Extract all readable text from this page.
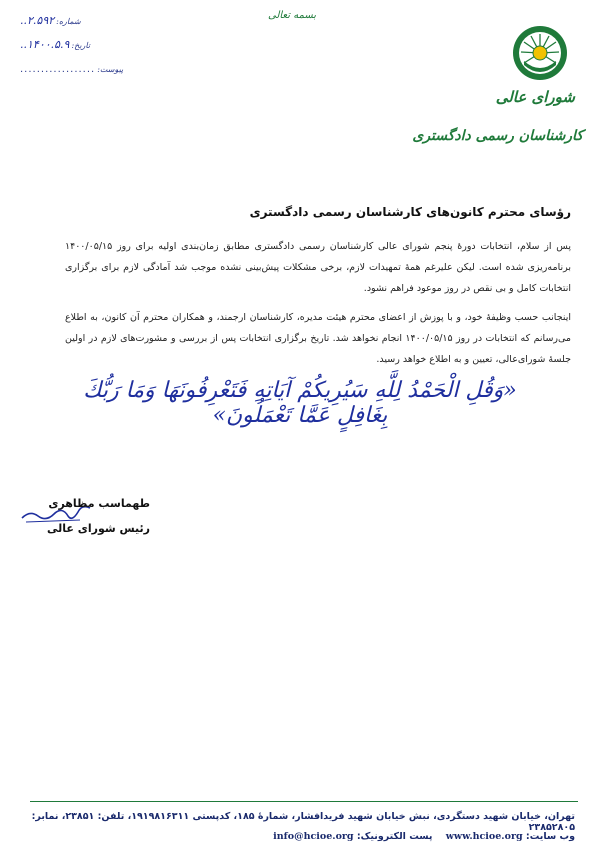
شماره:
۲.۵۹۲..
تاریخ:
۱۴۰۰.۵.۹..
پیوست:
..................
بسمه تعالی
شورای عالی
کارشناسان رسمی دادگستری
رؤسای محترم کانون‌های کارشناسان رسمی دادگستری
پس از سلام، انتخابات دورهٔ پنجم شورای عالی کارشناسان رسمی دادگستری مطابق زمان‌بندی اولیه برای روز ۱۴۰۰/۰۵/۱۵ برنامه‌ریزی شده است. لیکن علیرغم همهٔ تمهیدات لازم، برخی مشکلات پیش‌بینی نشده موجب شد آمادگی لازم برای برگزاری انتخابات کامل و بی نقص در روز موعود فراهم نشود.
اینجانب حسب وظیفهٔ خود، و با پوزش از اعضای محترم هیئت مدیره، کارشناسان ارجمند، و همکاران محترم آن کانون، به اطلاع می‌رسانم که انتخابات در روز ۱۴۰۰/۰۵/۱۵ انجام نخواهد شد. تاریخ برگزاری انتخابات پس از بررسی و مشورت‌های لازم در اولین جلسهٔ شورای‌عالی، تعیین و به اطلاع خواهد رسید.
«وَقُلِ الْحَمْدُ لِلَّهِ سَيُرِيكُمْ آيَاتِهِ فَتَعْرِفُونَهَا وَمَا رَبُّكَ بِغَافِلٍ عَمَّا تَعْمَلُونَ»
طهماسب مظاهری
رئیس شورای عالی
تهران، خیابان شهید دستگردی، نبش خیابان شهید فریدافشار، شمارهٔ ۱۸۵، کدپستی ۱۹۱۹۸۱۶۳۱۱، تلفن: ۲۳۸۵۱، نمابر: ۲۳۸۵۲۸۰۵
وب سایت: www.hcioe.org    پست الکترونیک: info@hcioe.org
